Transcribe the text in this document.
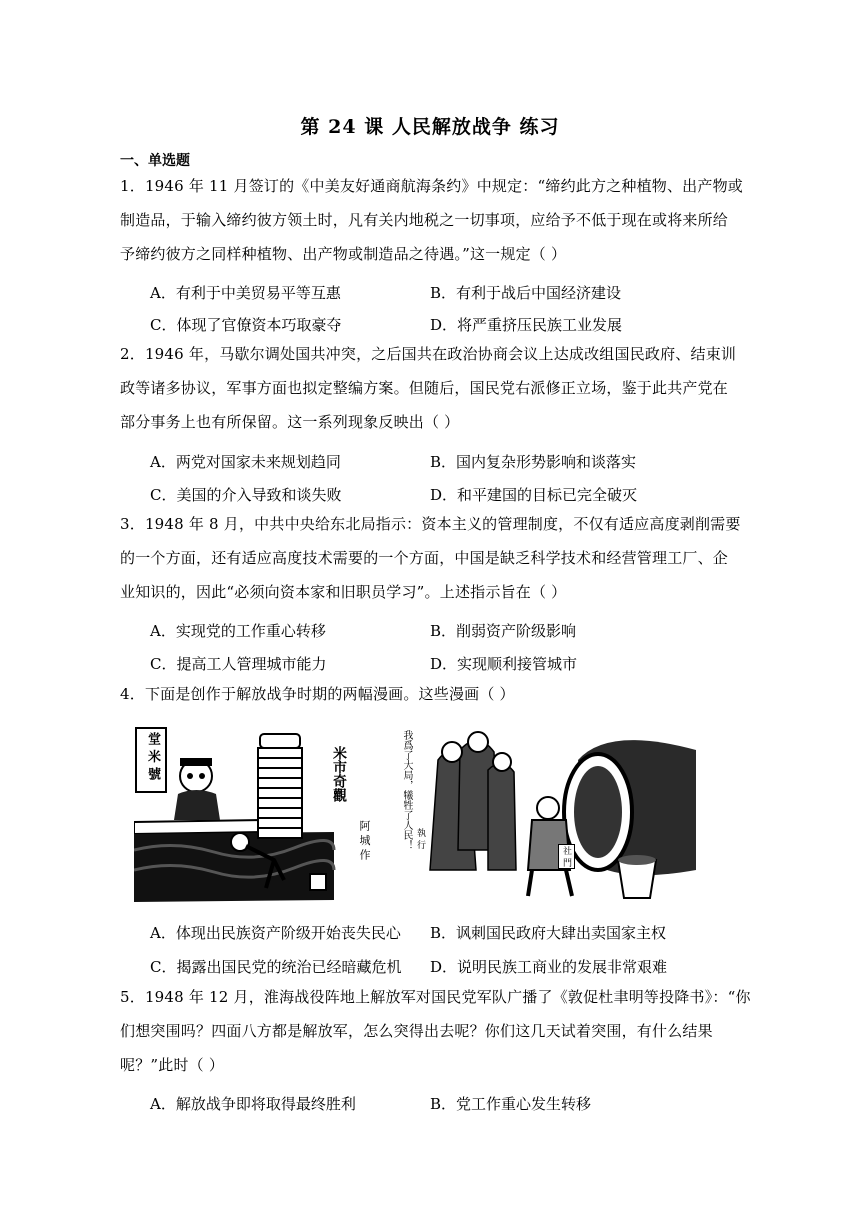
第 24 课 人民解放战争 练习
一、单选题
1．1946 年 11 月签订的《中美友好通商航海条约》中规定：“缔约此方之种植物、出产物或
制造品，于输入缔约彼方领土时，凡有关内地税之一切事项，应给予不低于现在或将来所给
予缔约彼方之同样种植物、出产物或制造品之待遇。”这一规定（ ）
A．有利于中美贸易平等互惠	B．有利于战后中国经济建设
C．体现了官僚资本巧取豪夺	D．将严重挤压民族工业发展
2．1946 年，马歇尔调处国共冲突，之后国共在政治协商会议上达成改组国民政府、结束训
政等诸多协议，军事方面也拟定整编方案。但随后，国民党右派修正立场，鉴于此共产党在
部分事务上也有所保留。这一系列现象反映出（ ）
A．两党对国家未来规划趋同	B．国内复杂形势影响和谈落实
C．美国的介入导致和谈失败	D．和平建国的目标已完全破灭
3．1948 年 8 月，中共中央给东北局指示：资本主义的管理制度，不仅有适应高度剥削需要
的一个方面，还有适应高度技术需要的一个方面，中国是缺乏科学技术和经营管理工厂、企
业知识的，因此“必须向资本家和旧职员学习”。上述指示旨在（ ）
A．实现党的工作重心转移	B．削弱资产阶级影响
C．提高工人管理城市能力	D．实现顺利接管城市
4．下面是创作于解放战争时期的两幅漫画。这些漫画（ ）
堂 米 號	米市奇觀
阿 城 作	我爲了大局，犧牲了人民！ 執 行
社 門
A．体现出民族资产阶级开始丧失民心 B．讽刺国民政府大肆出卖国家主权
C．揭露出国民党的统治已经暗藏危机 D．说明民族工商业的发展非常艰难
5．1948 年 12 月，淮海战役阵地上解放军对国民党军队广播了《敦促杜聿明等投降书》：“你
们想突围吗？四面八方都是解放军，怎么突得出去呢？你们这几天试着突围，有什么结果
呢？”此时（ ）
A．解放战争即将取得最终胜利	B．党工作重心发生转移
